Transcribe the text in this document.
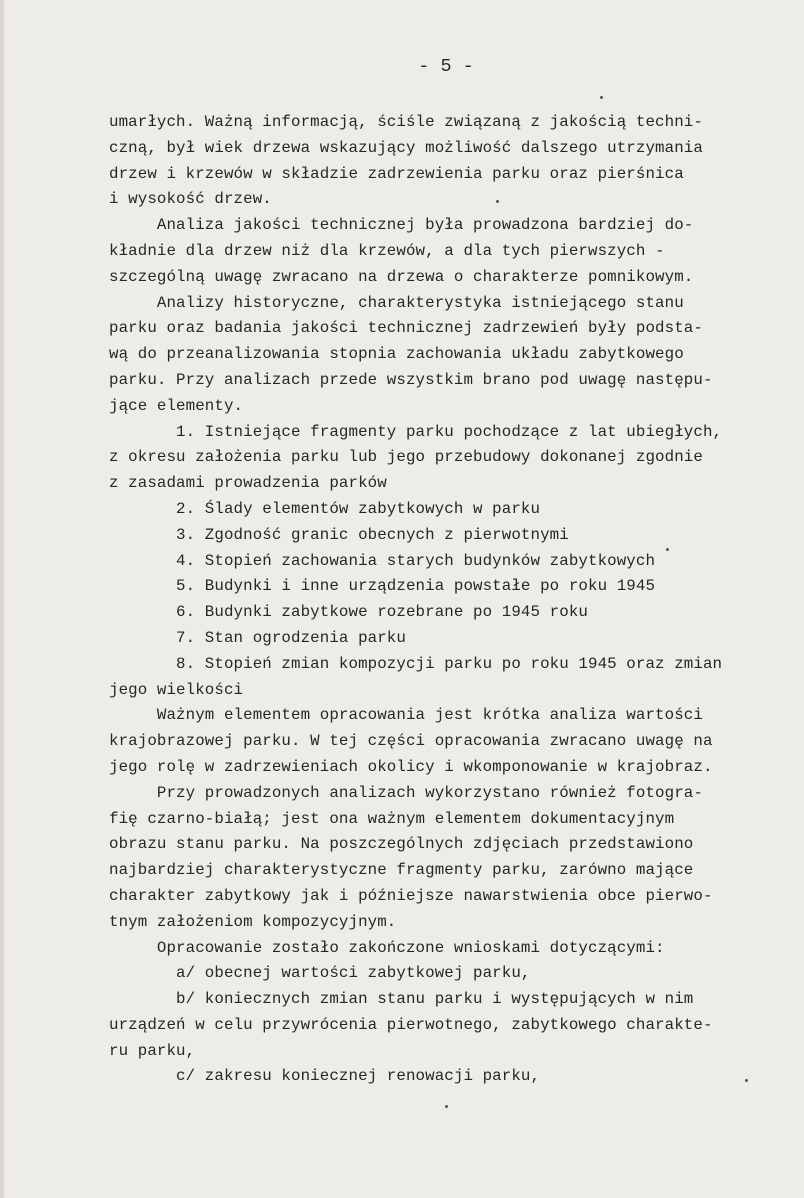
- 5 -
umarłych. Ważną informacją, ściśle związaną z jakością techni-
czną, był wiek drzewa wskazujący możliwość dalszego utrzymania
drzew i krzewów w składzie zadrzewienia parku oraz pierśnica
i wysokość drzew.
Analiza jakości technicznej była prowadzona bardziej do-
kładnie dla drzew niż dla krzewów, a dla tych pierwszych -
szczególną uwagę zwracano na drzewa o charakterze pomnikowym.
Analizy historyczne, charakterystyka istniejącego stanu
parku oraz badania jakości technicznej zadrzewień były podsta-
wą do przeanalizowania stopnia zachowania układu zabytkowego
parku. Przy analizach przede wszystkim brano pod uwagę następu-
jące elementy.
1. Istniejące fragmenty parku pochodzące z lat ubiegłych,
z okresu założenia parku lub jego przebudowy dokonanej zgodnie
z zasadami prowadzenia parków
2. Ślady elementów zabytkowych w parku
3. Zgodność granic obecnych z pierwotnymi
4. Stopień zachowania starych budynków zabytkowych
5. Budynki i inne urządzenia powstałe po roku 1945
6. Budynki zabytkowe rozebrane po 1945 roku
7. Stan ogrodzenia parku
8. Stopień zmian kompozycji parku po roku 1945 oraz zmian
jego wielkości
Ważnym elementem opracowania jest krótka analiza wartości
krajobrazowej parku. W tej części opracowania zwracano uwagę na
jego rolę w zadrzewieniach okolicy i wkomponowanie w krajobraz.
Przy prowadzonych analizach wykorzystano również fotogra-
fię czarno-białą; jest ona ważnym elementem dokumentacyjnym
obrazu stanu parku. Na poszczególnych zdjęciach przedstawiono
najbardziej charakterystyczne fragmenty parku, zarówno mające
charakter zabytkowy jak i późniejsze nawarstwienia obce pierwo-
tnym założeniom kompozycyjnym.
Opracowanie zostało zakończone wnioskami dotyczącymi:
a/ obecnej wartości zabytkowej parku,
b/ koniecznych zmian stanu parku i występujących w nim
urządzeń w celu przywrócenia pierwotnego, zabytkowego charakte-
ru parku,
c/ zakresu koniecznej renowacji parku,
